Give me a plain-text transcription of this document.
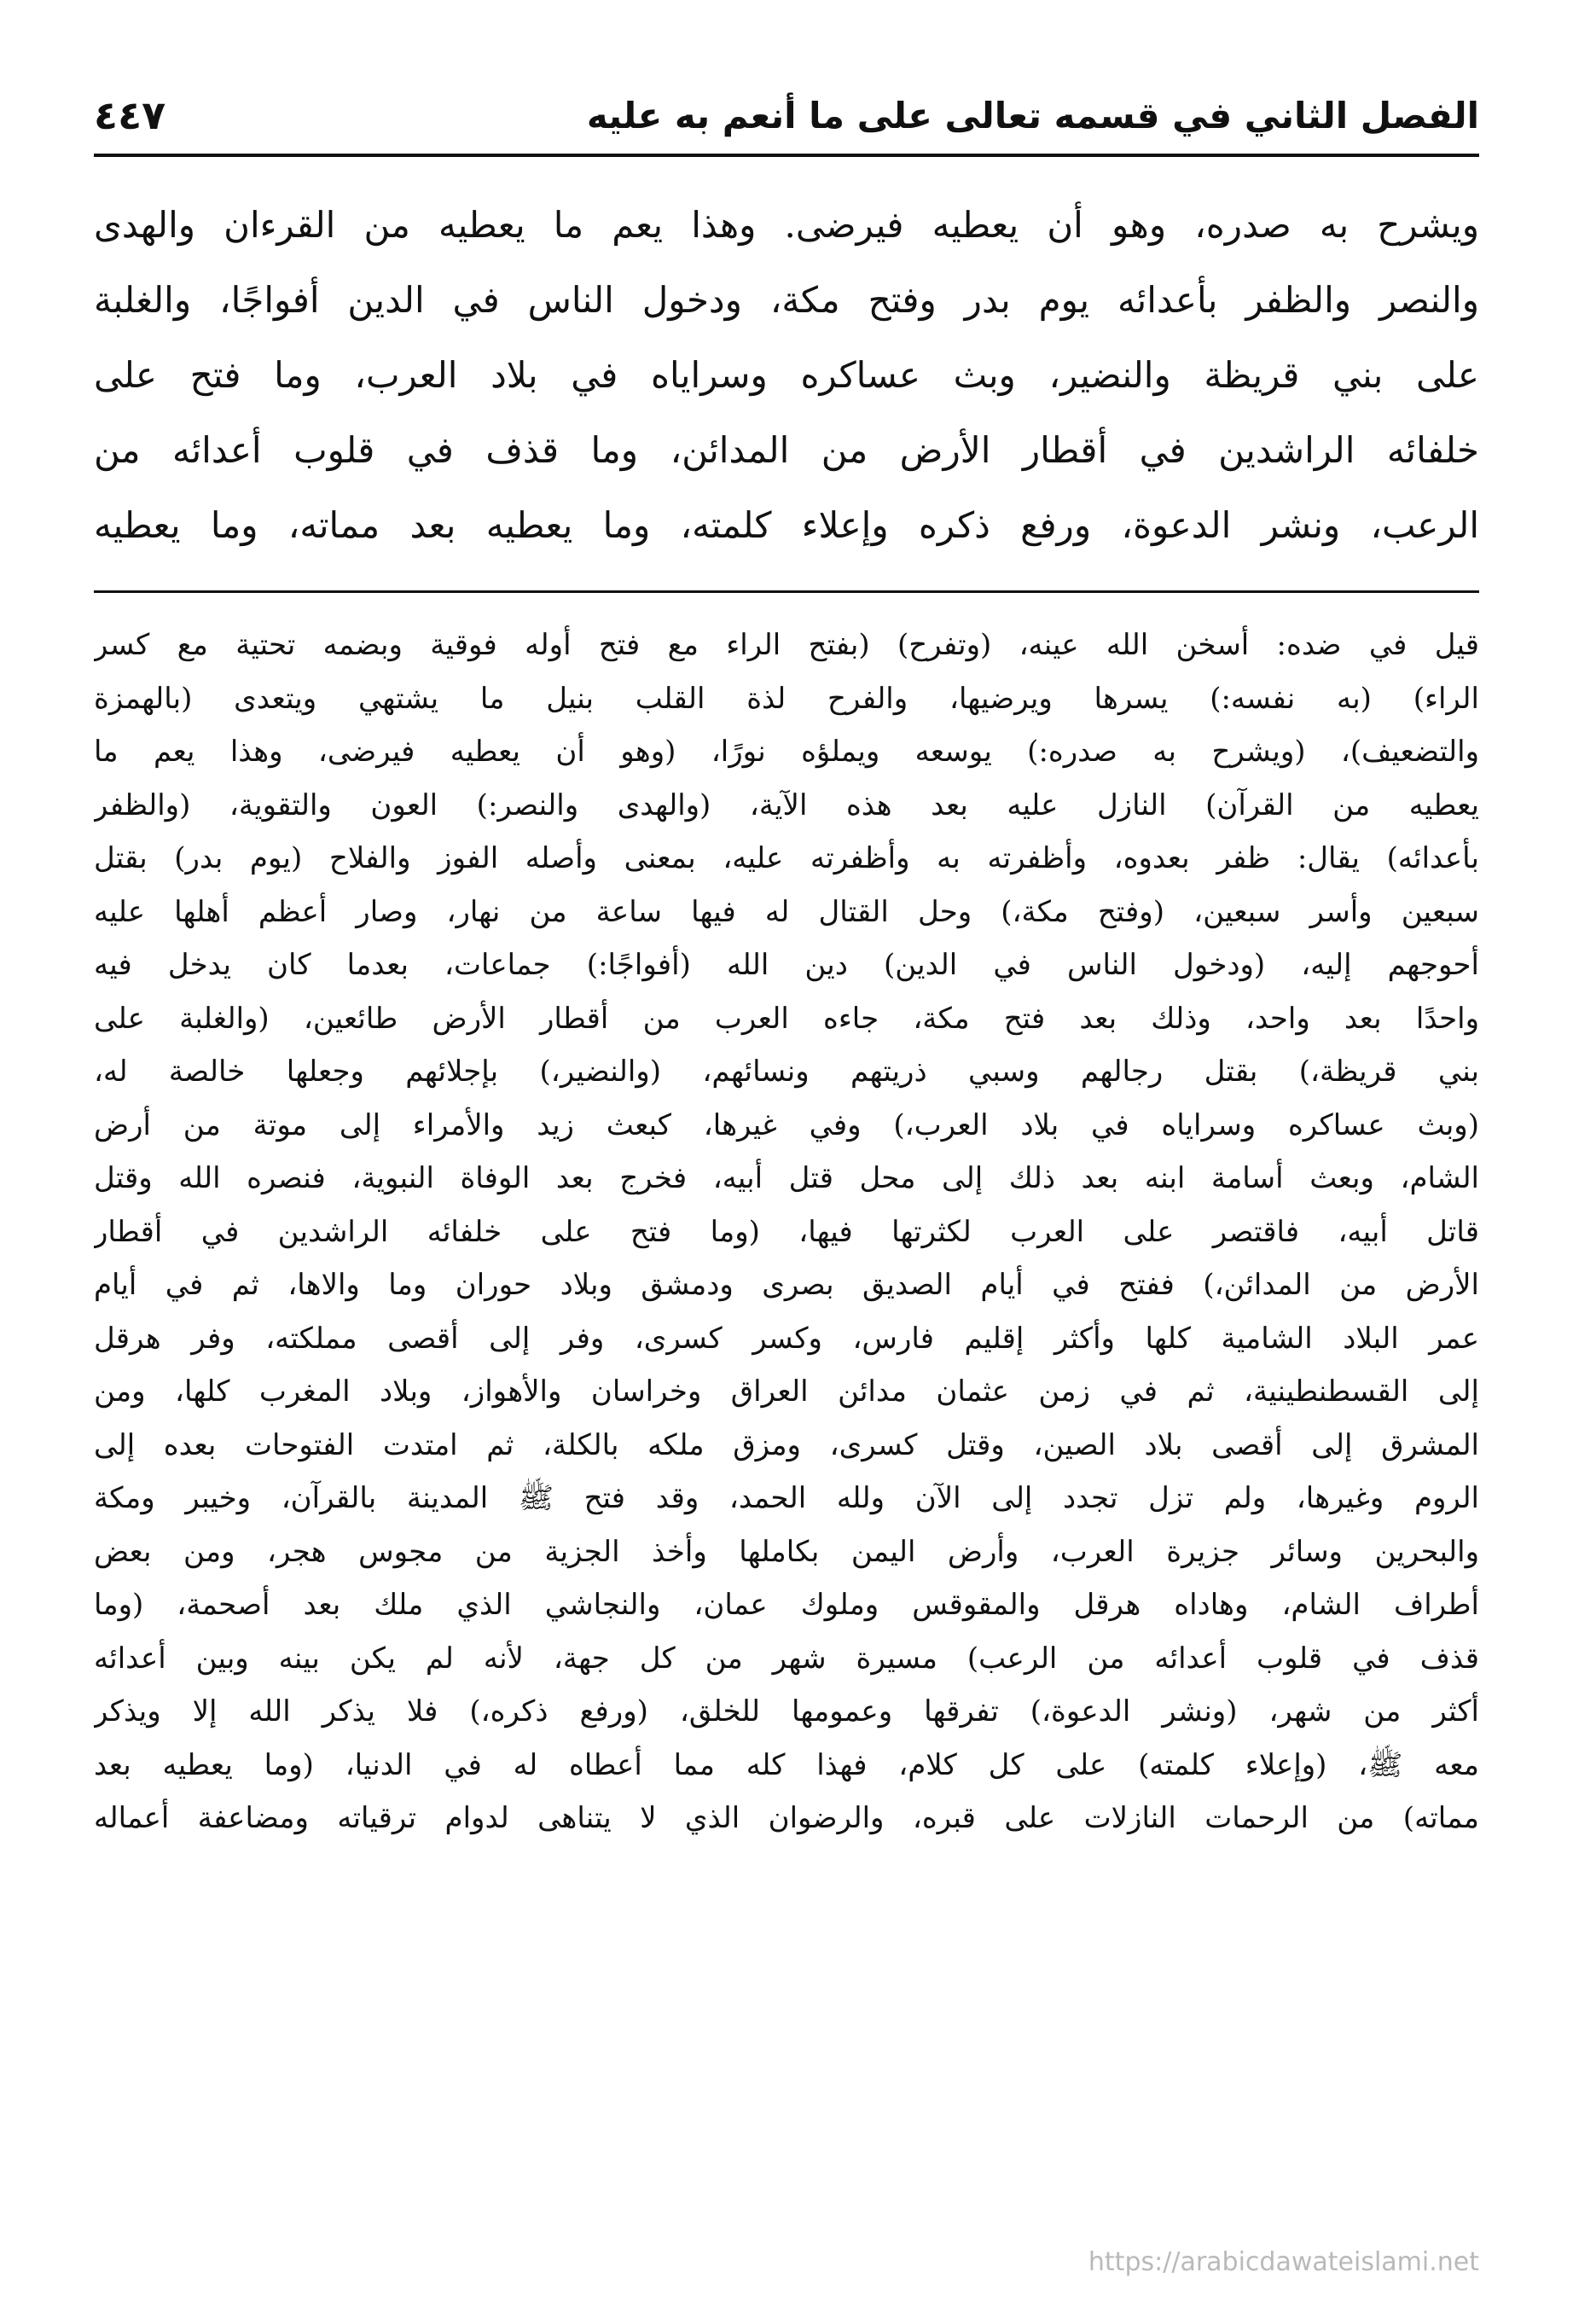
الفصل الثاني في قسمه تعالى على ما أنعم به عليه
٤٤٧
ويشرح به صدره، وهو أن يعطيه فيرضى. وهذا يعم ما يعطيه من القرءان والهدى
والنصر والظفر بأعدائه يوم بدر وفتح مكة، ودخول الناس في الدين أفواجًا، والغلبة
على بني قريظة والنضير، وبث عساكره وسراياه في بلاد العرب، وما فتح على
خلفائه الراشدين في أقطار الأرض من المدائن، وما قذف في قلوب أعدائه من
الرعب، ونشر الدعوة، ورفع ذكره وإعلاء كلمته، وما يعطيه بعد مماته، وما يعطيه
قيل في ضده: أسخن الله عينه، (وتفرح) (بفتح الراء مع فتح أوله فوقية وبضمه تحتية مع كسر
الراء) (به نفسه:) يسرها ويرضيها، والفرح لذة القلب بنيل ما يشتهي ويتعدى (بالهمزة
والتضعيف)، (ويشرح به صدره:) يوسعه ويملؤه نورًا، (وهو أن يعطيه فيرضى، وهذا يعم ما
يعطيه من القرآن) النازل عليه بعد هذه الآية، (والهدى والنصر:) العون والتقوية، (والظفر
بأعدائه) يقال: ظفر بعدوه، وأظفرته به وأظفرته عليه، بمعنى وأصله الفوز والفلاح (يوم بدر) بقتل
سبعين وأسر سبعين، (وفتح مكة،) وحل القتال له فيها ساعة من نهار، وصار أعظم أهلها عليه
أحوجهم إليه، (ودخول الناس في الدين) دين الله (أفواجًا:) جماعات، بعدما كان يدخل فيه
واحدًا بعد واحد، وذلك بعد فتح مكة، جاءه العرب من أقطار الأرض طائعين، (والغلبة على
بني قريظة،) بقتل رجالهم وسبي ذريتهم ونسائهم، (والنضير،) بإجلائهم وجعلها خالصة له،
(وبث عساكره وسراياه في بلاد العرب،) وفي غيرها، كبعث زيد والأمراء إلى موتة من أرض
الشام، وبعث أسامة ابنه بعد ذلك إلى محل قتل أبيه، فخرج بعد الوفاة النبوية، فنصره الله وقتل
قاتل أبيه، فاقتصر على العرب لكثرتها فيها، (وما فتح على خلفائه الراشدين في أقطار
الأرض من المدائن،) ففتح في أيام الصديق بصرى ودمشق وبلاد حوران وما والاها، ثم في أيام
عمر البلاد الشامية كلها وأكثر إقليم فارس، وكسر كسرى، وفر إلى أقصى مملكته، وفر هرقل
إلى القسطنطينية، ثم في زمن عثمان مدائن العراق وخراسان والأهواز، وبلاد المغرب كلها، ومن
المشرق إلى أقصى بلاد الصين، وقتل كسرى، ومزق ملكه بالكلة، ثم امتدت الفتوحات بعده إلى
الروم وغيرها، ولم تزل تجدد إلى الآن ولله الحمد، وقد فتح ﷺ المدينة بالقرآن، وخيبر ومكة
والبحرين وسائر جزيرة العرب، وأرض اليمن بكاملها وأخذ الجزية من مجوس هجر، ومن بعض
أطراف الشام، وهاداه هرقل والمقوقس وملوك عمان، والنجاشي الذي ملك بعد أصحمة، (وما
قذف في قلوب أعدائه من الرعب) مسيرة شهر من كل جهة، لأنه لم يكن بينه وبين أعدائه
أكثر من شهر، (ونشر الدعوة،) تفرقها وعمومها للخلق، (ورفع ذكره،) فلا يذكر الله إلا ويذكر
معه ﷺ، (وإعلاء كلمته) على كل كلام، فهذا كله مما أعطاه له في الدنيا، (وما يعطيه بعد
مماته) من الرحمات النازلات على قبره، والرضوان الذي لا يتناهى لدوام ترقياته ومضاعفة أعماله
https://arabicdawateislami.net
